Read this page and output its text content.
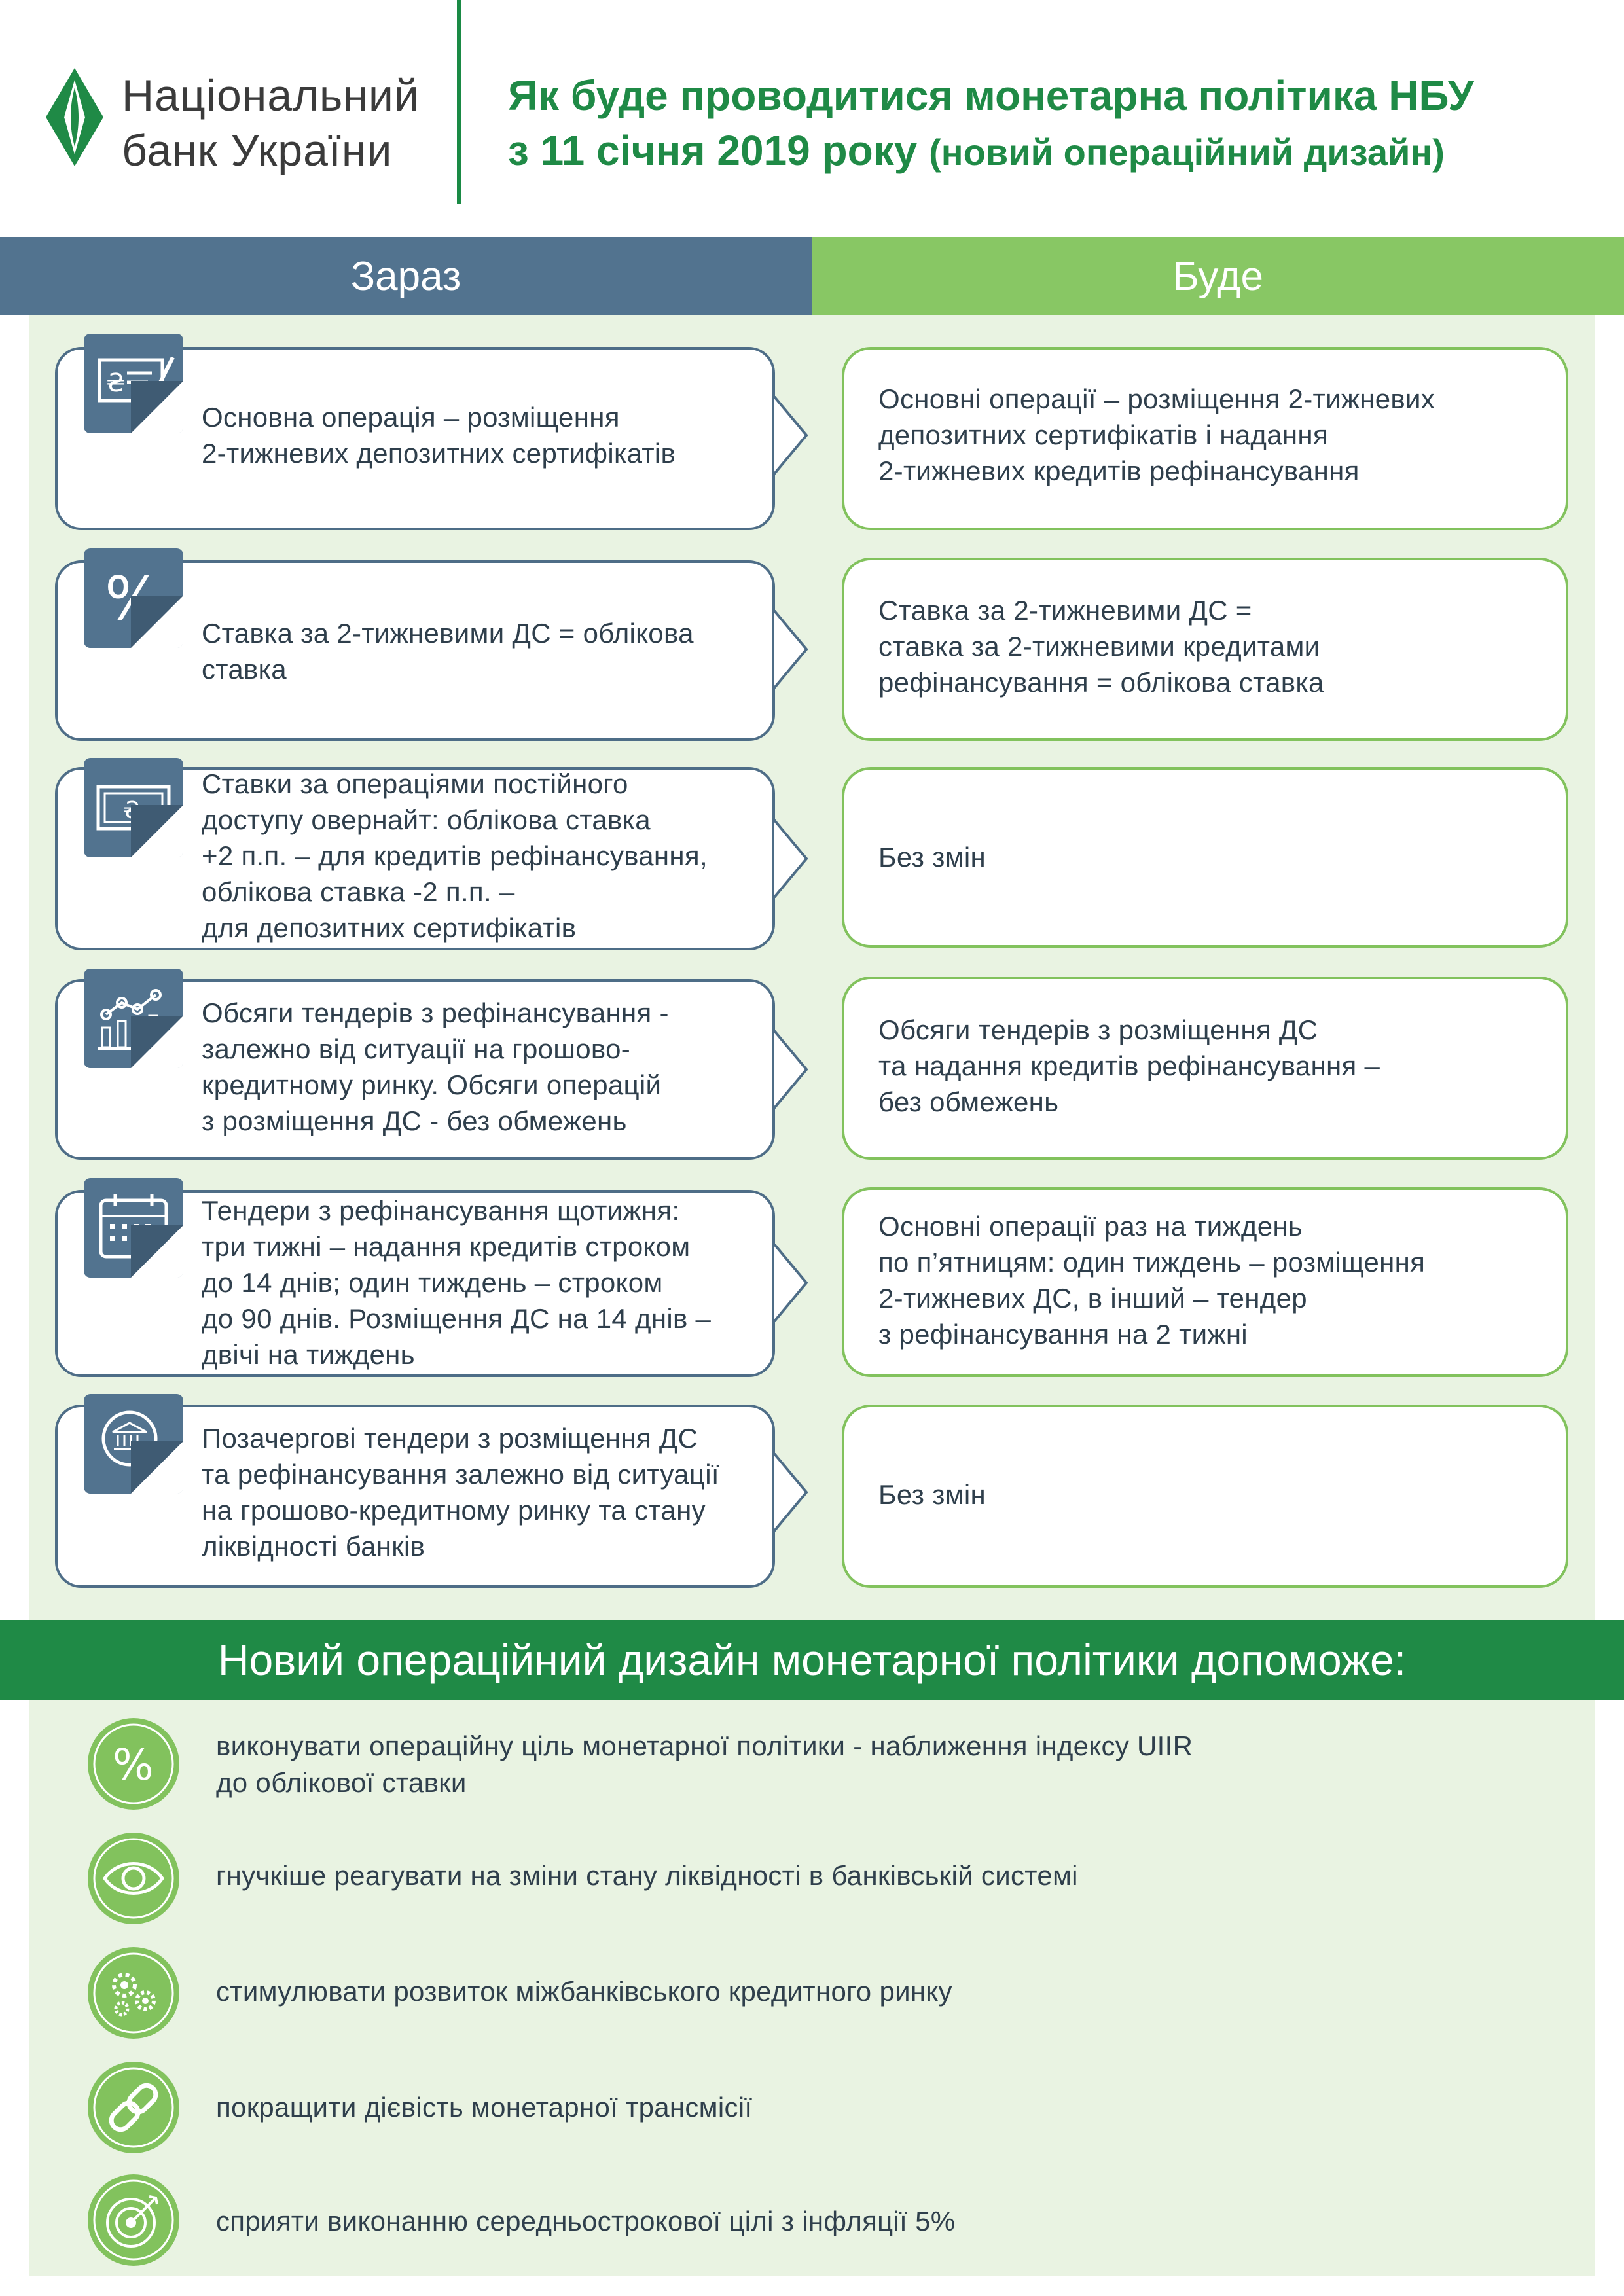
Національний
банк України
Як буде проводитися монетарна політика НБУ
з 11 січня 2019 року (новий операційний дизайн)
Зараз	Буде
₴
Основна операція – розміщення
2-тижневих депозитних сертифікатів
Основні операції – розміщення 2-тижневих
депозитних сертифікатів і надання
2-тижневих кредитів рефінансування
% Ставка за 2-тижневими ДС = облікова
ставка
Ставка за 2-тижневими ДС =
ставка за 2-тижневими кредитами
рефінансування = облікова ставка
₴
Ставки за операціями постійного
доступу овернайт: облікова ставка
+2 п.п. – для кредитів рефінансування,
облікова ставка -2 п.п. –
для депозитних сертифікатів
Без змін
Обсяги тендерів з рефінансування -
залежно від ситуації на грошово-
кредитному ринку. Обсяги операцій
з розміщення ДС - без обмежень
Обсяги тендерів з розміщення ДС
та надання кредитів рефінансування –
без обмежень
Тендери з рефінансування щотижня:
три тижні – надання кредитів строком
до 14 днів; один тиждень – строком
до 90 днів. Розміщення ДС на 14 днів –
двічі на тиждень
Основні операції раз на тиждень
по п’ятницям: один тиждень – розміщення
2-тижневих ДС, в інший – тендер
з рефінансування на 2 тижні
Позачергові тендери з розміщення ДС
та рефінансування залежно від ситуації
на грошово-кредитному ринку та стану
ліквідності банків
Без змін
Новий операційний дизайн монетарної політики допоможе:
% виконувати операційну ціль монетарної політики - наближення індексу UIIR
до облікової ставки
гнучкіше реагувати на зміни стану ліквідності в банківській системі
стимулювати розвиток міжбанківського кредитного ринку
покращити дієвість монетарної трансмісії
сприяти виконанню середньострокової цілі з інфляції 5%
